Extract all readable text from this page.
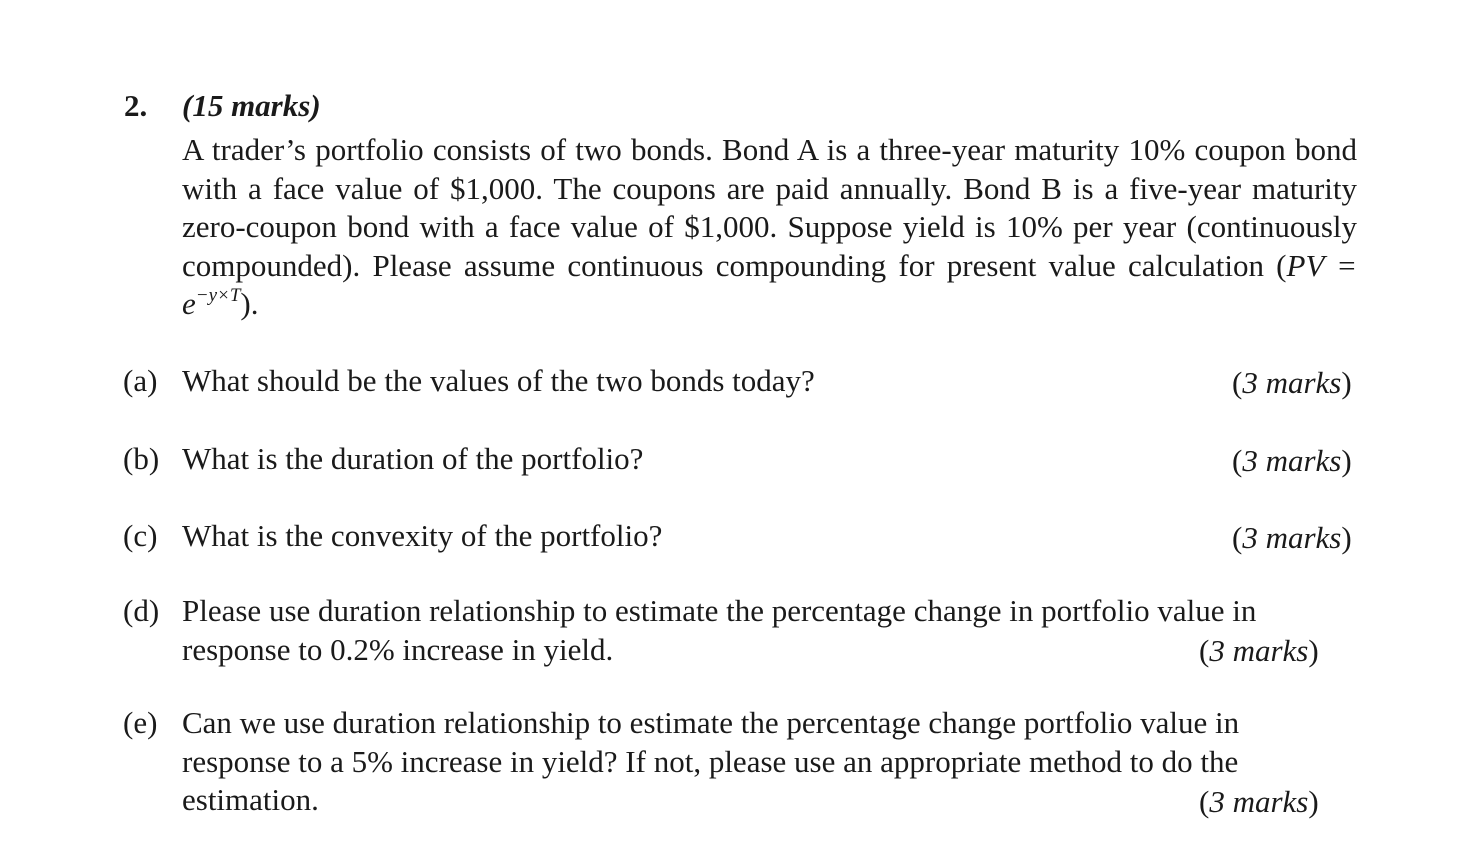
2. (15 marks)

A trader’s portfolio consists of two bonds. Bond A is a three-year maturity 10% coupon bond with a face value of $1,000. The coupons are paid annually. Bond B is a five-year maturity zero-coupon bond with a face value of $1,000. Suppose yield is 10% per year (continuously compounded). Please assume continuous compounding for present value calculation $(PV = e^{-y\times T})$.

(a) What should be the values of the two bonds today?	(3 marks)
(b) What is the duration of the portfolio?	(3 marks)
(c) What is the convexity of the portfolio?	(3 marks)
(d) Please use duration relationship to estimate the percentage change in portfolio value in response to 0.2% increase in yield.	(3 marks)
(e) Can we use duration relationship to estimate the percentage change portfolio value in response to a 5% increase in yield? If not, please use an appropriate method to do the estimation.	(3 marks)
